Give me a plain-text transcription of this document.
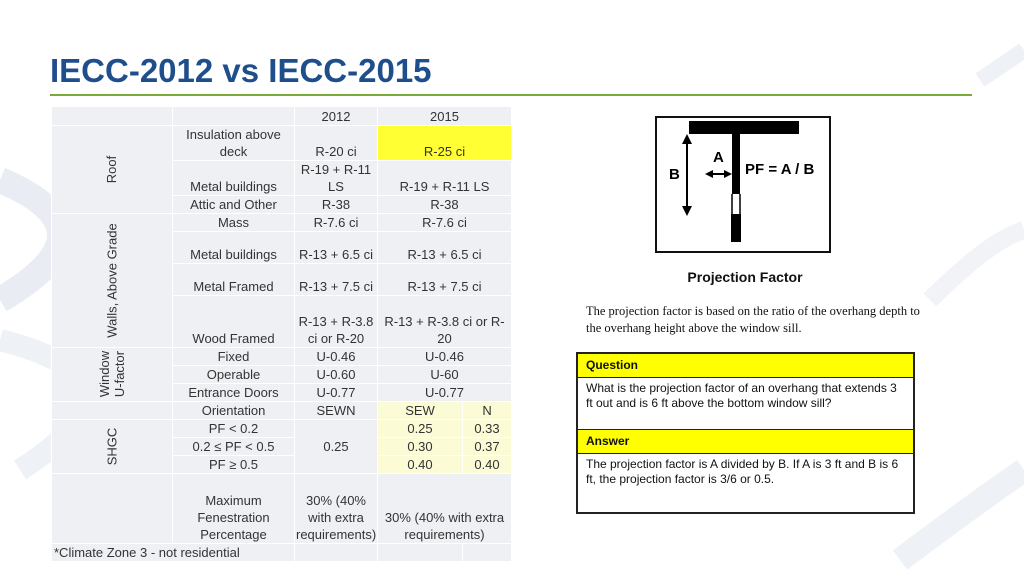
IECC-2012 vs IECC-2015
		2012	2015	
Roof	Insulation above deck	R-20 ci	R-25 ci	
	Metal buildings	R-19 + R-11 LS	R-19 + R-11 LS	
	Attic and Other	R-38	R-38	
Walls, Above Grade	Mass	R-7.6 ci	R-7.6 ci	
	Metal buildings	R-13 + 6.5 ci	R-13 + 6.5 ci	
	Metal Framed	R-13 + 7.5 ci	R-13 + 7.5 ci	
	Wood Framed	R-13 + R-3.8 ci or R-20	R-13 + R-3.8 ci or R-20	
Window U-factor	Fixed	U-0.46	U-0.46	
	Operable	U-0.60	U-60	
	Entrance Doors	U-0.77	U-0.77	
	Orientation	SEWN	SEW	N
SHGC	PF < 0.2	0.25	0.25	0.33
	0.2 ≤ PF < 0.5		0.30	0.37
	PF ≥ 0.5		0.40	0.40
	Maximum Fenestration Percentage	30% (40% with extra requirements)	30% (40% with extra requirements)	
*Climate Zone 3 - not residential				
A
B	PF = A / B
Projection Factor
The projection factor is based on the ratio of the overhang depth to the overhang height above the window sill.
Question
What is the projection factor of an overhang that extends 3 ft out and is 6 ft above the bottom window sill?
Answer
The projection factor is A divided by B. If A is 3 ft and B is 6 ft, the projection factor is 3/6 or 0.5.
